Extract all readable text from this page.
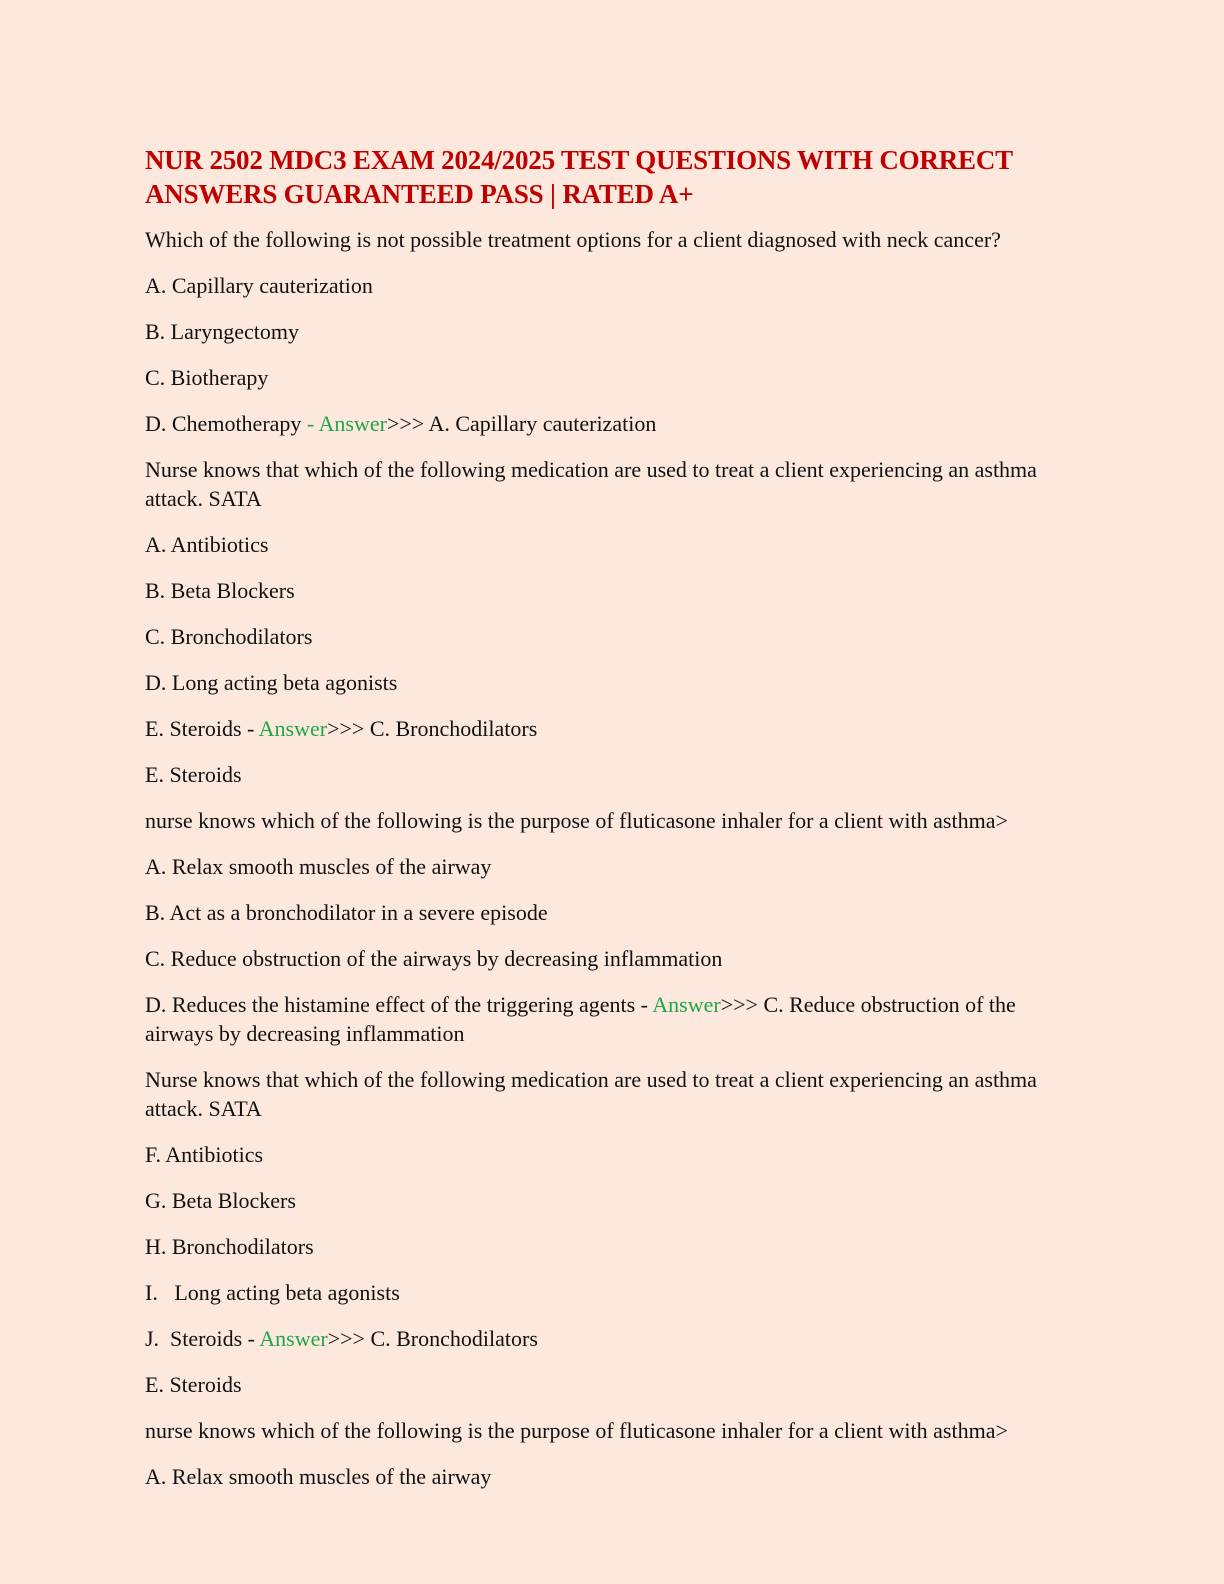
NUR 2502 MDC3 EXAM 2024/2025 TEST QUESTIONS WITH CORRECT ANSWERS GUARANTEED PASS | RATED A+

Which of the following is not possible treatment options for a client diagnosed with neck cancer?

A. Capillary cauterization

B. Laryngectomy

C. Biotherapy

D. Chemotherapy - Answer>>> A. Capillary cauterization

Nurse knows that which of the following medication are used to treat a client experiencing an asthma attack. SATA

A. Antibiotics

B. Beta Blockers

C. Bronchodilators

D. Long acting beta agonists

E. Steroids - Answer>>> C. Bronchodilators

E. Steroids

nurse knows which of the following is the purpose of fluticasone inhaler for a client with asthma>

A. Relax smooth muscles of the airway

B. Act as a bronchodilator in a severe episode

C. Reduce obstruction of the airways by decreasing inflammation

D. Reduces the histamine effect of the triggering agents - Answer>>> C. Reduce obstruction of the airways by decreasing inflammation

Nurse knows that which of the following medication are used to treat a client experiencing an asthma attack. SATA

F. Antibiotics

G. Beta Blockers

H. Bronchodilators

I.   Long acting beta agonists

J.  Steroids - Answer>>> C. Bronchodilators

E. Steroids

nurse knows which of the following is the purpose of fluticasone inhaler for a client with asthma>

A. Relax smooth muscles of the airway
